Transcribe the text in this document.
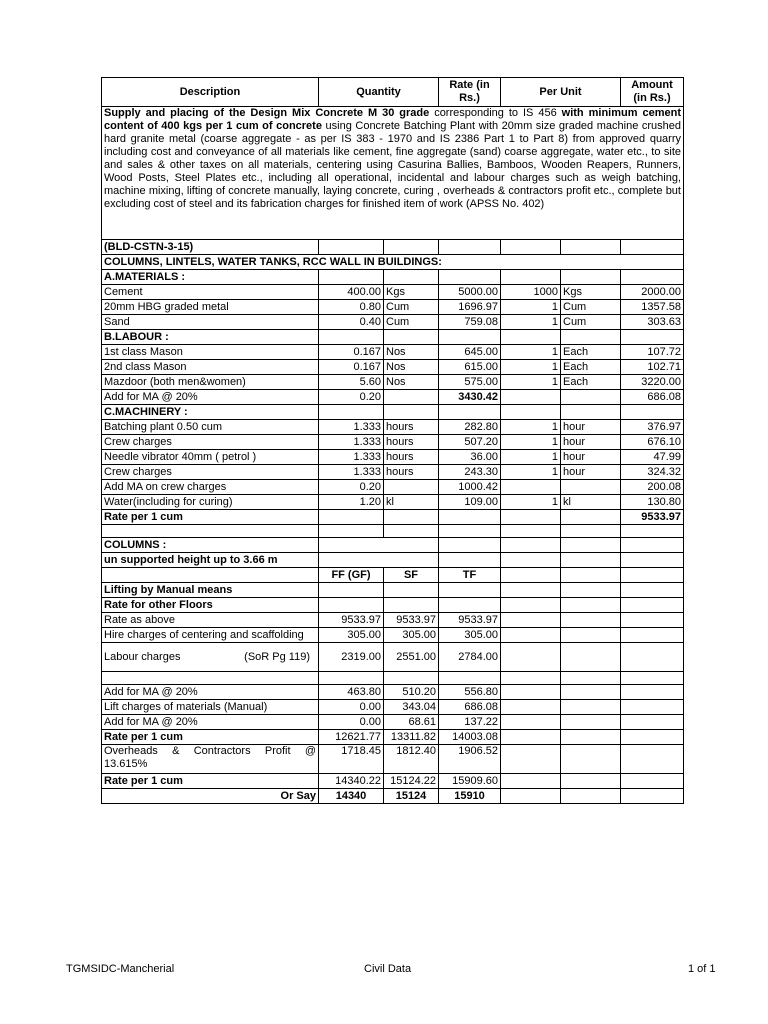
Description	Quantity		Rate (in Rs.)	Per Unit		Amount (in Rs.)
Supply and placing of the Design Mix Concrete M 30 grade corresponding to IS 456 with minimum cement content of 400 kgs per 1 cum of concrete using Concrete Batching Plant with 20mm size graded machine crushed hard granite metal (coarse aggregate - as per IS 383 - 1970 and IS 2386 Part 1 to Part 8) from approved quarry including cost and conveyance of all materials like cement, fine aggregate (sand) coarse aggregate, water etc., to site and sales & other taxes on all materials, centering using Casurina Ballies, Bamboos, Wooden Reapers, Runners, Wood Posts, Steel Plates etc., including all operational, incidental and labour charges such as weigh batching, machine mixing, lifting of concrete manually, laying concrete, curing , overheads & contractors profit etc., complete but excluding cost of steel and its fabrication charges for finished item of work (APSS No. 402)						
(BLD-CSTN-3-15)						
COLUMNS, LINTELS, WATER TANKS, RCC WALL IN BUILDINGS:						
A.MATERIALS :						
Cement	400.00	Kgs	5000.00	1000	Kgs	2000.00
20mm HBG graded metal	0.80	Cum	1696.97	1	Cum	1357.58
Sand	0.40	Cum	759.08	1	Cum	303.63
B.LABOUR :						
1st class Mason	0.167	Nos	645.00	1	Each	107.72
2nd class Mason	0.167	Nos	615.00	1	Each	102.71
Mazdoor (both men&women)	5.60	Nos	575.00	1	Each	3220.00
Add for MA @ 20%	0.20		3430.42			686.08
C.MACHINERY :						
Batching plant 0.50 cum	1.333	hours	282.80	1	hour	376.97
Crew charges	1.333	hours	507.20	1	hour	676.10
Needle vibrator 40mm ( petrol )	1.333	hours	36.00	1	hour	47.99
Crew charges	1.333	hours	243.30	1	hour	324.32
Add MA on crew charges	0.20		1000.42			200.08
Water(including for curing)	1.20	kl	109.00	1	kl	130.80
Rate per 1 cum						9533.97

COLUMNS :						
un supported height up to 3.66 m						
	FF (GF)	SF	TF			
Lifting by Manual means						
Rate for other Floors						
Rate as above	9533.97	9533.97	9533.97			
Hire charges of centering and scaffolding	305.00	305.00	305.00			
Labour charges (SoR Pg 119)	2319.00	2551.00	2784.00			

Add for MA @ 20%	463.80	510.20	556.80			
Lift charges of materials (Manual)	0.00	343.04	686.08			
Add for MA @ 20%	0.00	68.61	137.22			
Rate per 1 cum	12621.77	13311.82	14003.08			
Overheads & Contractors Profit @ 13.615%	1718.45	1812.40	1906.52			
Rate per 1 cum	14340.22	15124.22	15909.60			
Or Say	14340	15124	15910			
TGMSIDC-Mancherial	Civil Data	1 of 1
